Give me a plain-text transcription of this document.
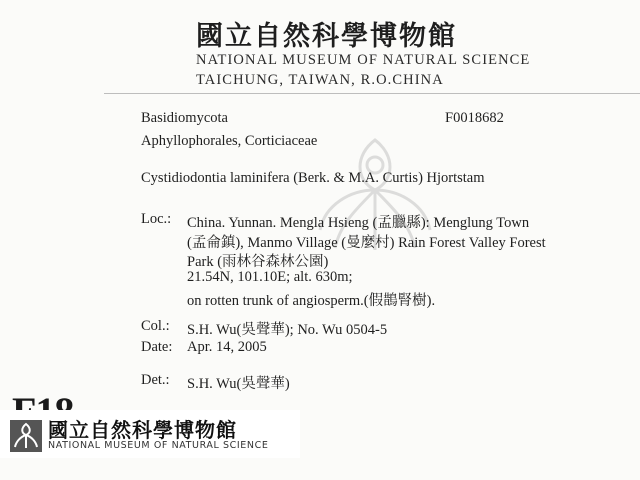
國立自然科學博物館
NATIONAL MUSEUM OF NATURAL SCIENCE
TAICHUNG, TAIWAN, R.O.CHINA
Basidiomycota	F0018682
Aphyllophorales, Corticiaceae
Cystidiodontia laminifera (Berk. & M.A. Curtis) Hjortstam
Loc.: China. Yunnan. Mengla Hsieng (孟臘縣): Menglung Town
(孟侖鎮), Manmo Village (曼麼村) Rain Forest Valley Forest
Park (雨林谷森林公園)
21.54N, 101.10E; alt. 630m;
on rotten trunk of angiosperm.(假鵲腎樹).
Col.: S.H. Wu(吳聲華); No. Wu 0504-5
Date: Apr. 14, 2005
Det.: S.H. Wu(吳聲華)
國立自然科學博物館
NATIONAL MUSEUM OF NATURAL SCIENCE
